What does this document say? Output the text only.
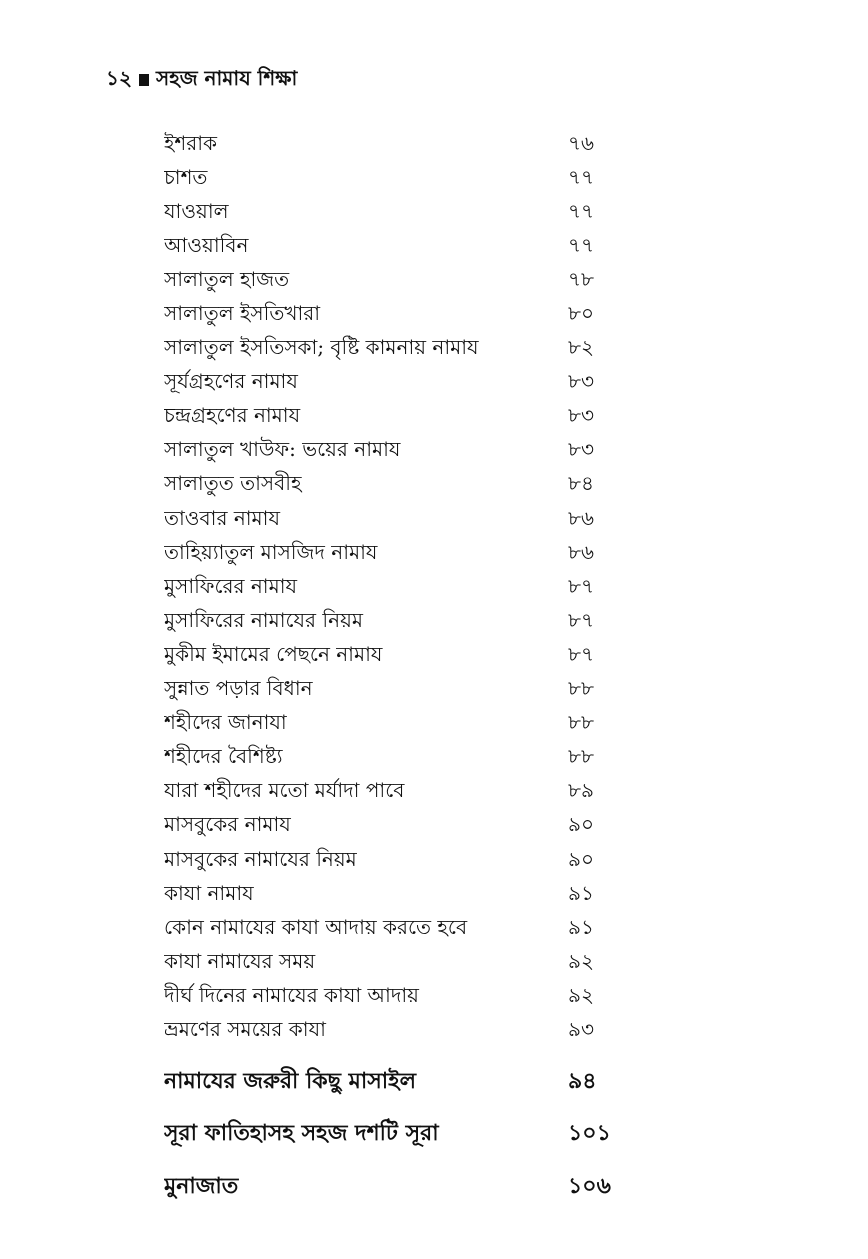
১২ সহজ নামায শিক্ষা
ইশরাক	৭৬
চাশত	৭৭
যাওয়াল	৭৭
আওয়াবিন	৭৭
সালাতুল হাজত	৭৮
সালাতুল ইসতিখারা	৮০
সালাতুল ইসতিসকা; বৃষ্টি কামনায় নামায	৮২
সূর্যগ্রহণের নামায	৮৩
চন্দ্রগ্রহণের নামায	৮৩
সালাতুল খাউফ: ভয়ের নামায	৮৩
সালাতুত তাসবীহ	৮৪
তাওবার নামায	৮৬
তাহিয়্যাতুল মাসজিদ নামায	৮৬
মুসাফিরের নামায	৮৭
মুসাফিরের নামাযের নিয়ম	৮৭
মুকীম ইমামের পেছনে নামায	৮৭
সুন্নাত পড়ার বিধান	৮৮
শহীদের জানাযা	৮৮
শহীদের বৈশিষ্ট্য	৮৮
যারা শহীদের মতো মর্যাদা পাবে	৮৯
মাসবুকের নামায	৯০
মাসবুকের নামাযের নিয়ম	৯০
কাযা নামায	৯১
কোন নামাযের কাযা আদায় করতে হবে	৯১
কাযা নামাযের সময়	৯২
দীর্ঘ দিনের নামাযের কাযা আদায়	৯২
ভ্রমণের সময়ের কাযা	৯৩
নামাযের জরুরী কিছু মাসাইল	৯৪
সূরা ফাতিহাসহ সহজ দশটি সূরা	১০১
মুনাজাত	১০৬
